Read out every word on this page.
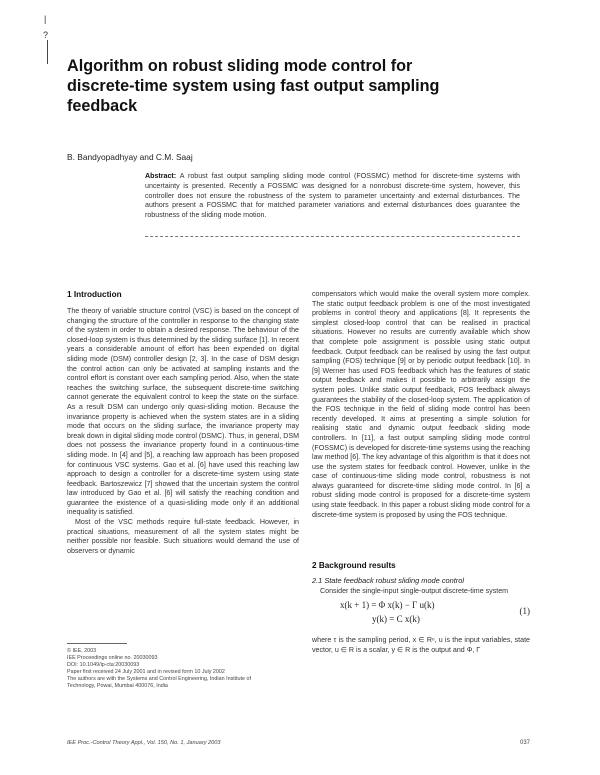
|
?
Algorithm on robust sliding mode control for discrete-time system using fast output sampling feedback
B. Bandyopadhyay and C.M. Saaj
Abstract: A robust fast output sampling sliding mode control (FOSSMC) method for discrete-time systems with uncertainty is presented. Recently a FOSSMC was designed for a nonrobust discrete-time system, however, this controller does not ensure the robustness of the system to parameter uncertainty and external disturbances. The authors present a FOSSMC that for matched parameter variations and external disturbances does guarantee the robustness of the sliding mode motion.
1 Introduction

The theory of variable structure control (VSC) is based on the concept of changing the structure of the controller in response to the changing state of the system in order to obtain a desired response. The behaviour of the closed-loop system is thus determined by the sliding surface [1]. In recent years a considerable amount of effort has been expended on digital sliding mode (DSM) controller design [2, 3]. In the case of DSM design the control action can only be activated at sampling instants and the control effort is constant over each sampling period. Also, when the state reaches the switching surface, the subsequent discrete-time switching cannot generate the equivalent control to keep the state on the surface. As a result DSM can undergo only quasi-sliding motion. Because the invariance property is achieved when the system states are in a sliding mode that occurs on the sliding surface, the invariance property may break down in digital sliding mode control (DSMC). Thus, in general, DSM does not possess the invariance property found in a continuous-time sliding mode. In [4] and [5], a reaching law approach has been proposed for continuous VSC systems. Gao et al. [6] have used this reaching law approach to design a controller for a discrete-time system using state feedback. Bartoszewicz [7] showed that the uncertain system the control law introduced by Gao et al. [6] will satisfy the reaching condition and guarantee the existence of a quasi-sliding mode only if an additional inequality is satisfied.

Most of the VSC methods require full-state feedback. However, in practical situations, measurement of all the system states might be neither possible nor feasible. Such situations would demand the use of observers or dynamic

© IEE, 2003
IEE Proceedings online no. 20030093
DOI: 10.1049/ip-cta:20030093
Paper first received 24 July 2001 and in revised form 10 July 2002
The authors are with the Systems and Control Engineering, Indian Institute of Technology, Powai, Mumbai 400076, India

compensators which would make the overall system more complex. The static output feedback problem is one of the most investigated problems in control theory and applications [8]. It represents the simplest closed-loop control that can be realised in practical situations. However no results are currently available which show that complete pole assignment is possible using static output feedback. Output feedback can be realised by using the fast output sampling (FOS) technique [9] or by periodic output feedback [10]. In [9] Werner has used FOS feedback which has the features of static output feedback and makes it possible to arbitrarily assign the system poles. Unlike static output feedback, FOS feedback always guarantees the stability of the closed-loop system. The application of the FOS technique in the field of sliding mode control has been recently developed. It aims at presenting a simple solution for realising static and dynamic output feedback sliding mode controllers. In [11], a fast output sampling sliding mode control (FOSSMC) is developed for discrete-time systems using the reaching law method [6]. The key advantage of this algorithm is that it does not use the system states for feedback control. However, unlike in the case of continuous-time sliding mode control, robustness is not always guaranteed for discrete-time sliding mode control. In [6] a robust sliding mode control is proposed for a discrete-time system using state feedback. In this paper a robust sliding mode control for a discrete-time system is proposed by using the FOS technique.

2 Background results
2.1 State feedback robust sliding mode control

Consider the single-input single-output discrete-time system

x(k + 1) = Φ x(k) − Γ u(k)
y(k) = C x(k)
(1)

where τ is the sampling period, x ∈ Rⁿ, u is the input variables, state vector, u ∈ R is a scalar, y ∈ R is the output and Φ, Γ

IEE Proc.-Control Theory Appl., Vol. 150, No. 1, January 2003	037
